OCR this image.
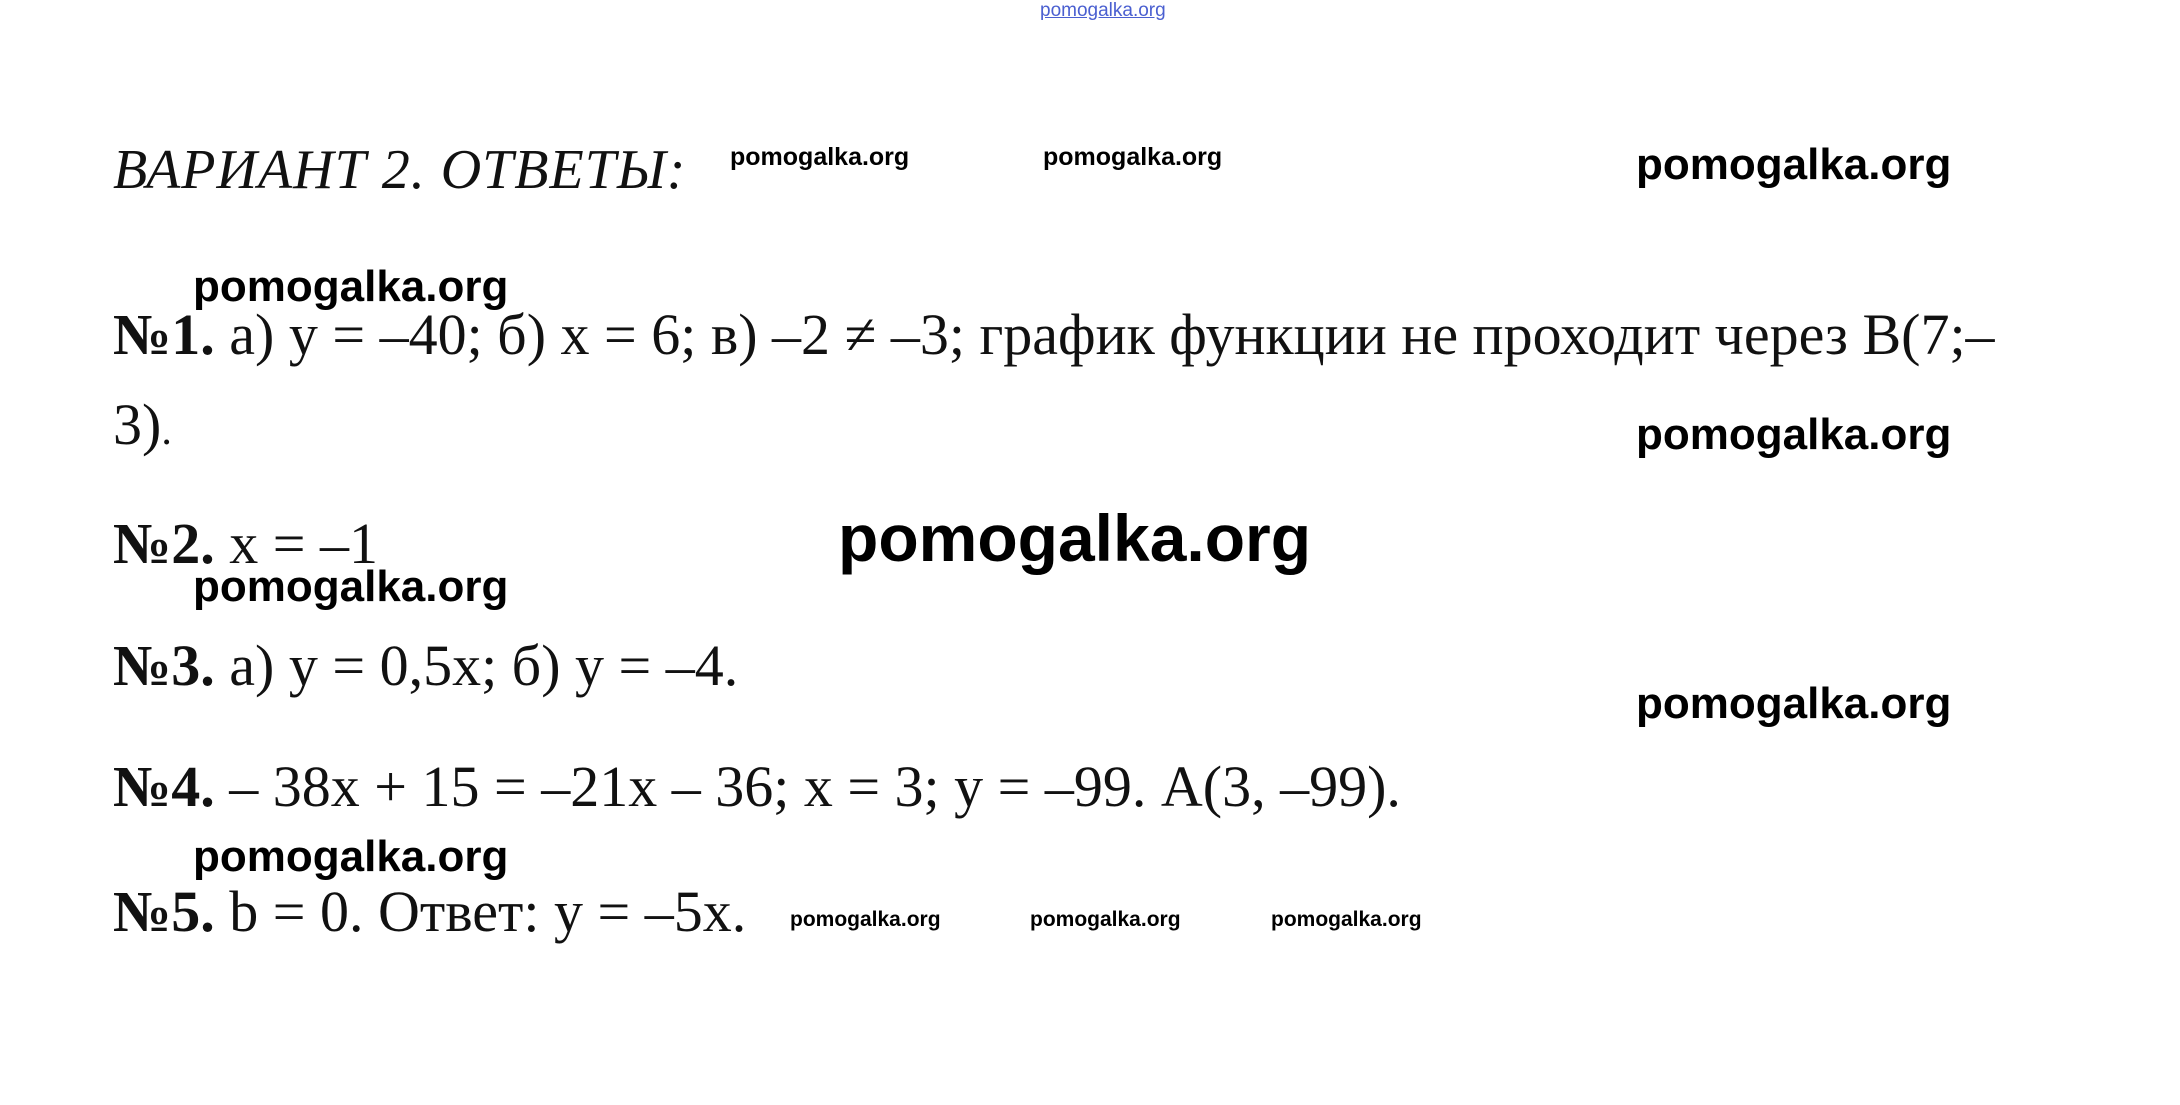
pomogalka.org
ВАРИАНТ 2. ОТВЕТЫ: pomogalka.org	pomogalka.org	pomogalka.org
pomogalka.org
№1. а) у = –40; б) х = 6; в) –2 ≠ –3; график функции не проходит через В(7;–
3).	pomogalka.org
№2. х = –1	pomogalka.org
pomogalka.org
№3. а) у = 0,5х; б) у = –4.
pomogalka.org
№4. – 38х + 15 = –21х – 36; х = 3; у = –99. А(3, –99).
pomogalka.org
№5. b = 0. Ответ: у = –5х. pomogalka.org	pomogalka.org	pomogalka.org
